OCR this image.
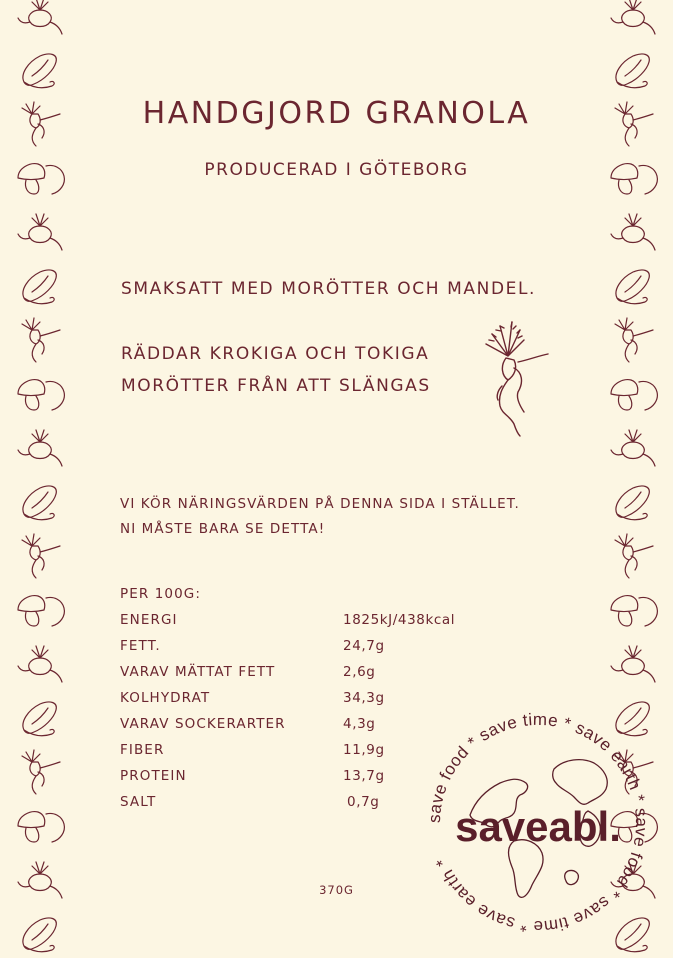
HANDGJORD GRANOLA
PRODUCERAD I GÖTEBORG
SMAKSATT MED MORÖTTER OCH MANDEL.
RÄDDAR KROKIGA OCH TOKIGA
MORÖTTER FRÅN ATT SLÄNGAS
VI KÖR NÄRINGSVÄRDEN PÅ DENNA SIDA I STÄLLET.
NI MÅSTE BARA SE DETTA!
PER 100G:
ENERGI	1825kJ/438kcal
FETT.	24,7g
VARAV MÄTTAT FETT	2,6g
KOLHYDRAT	34,3g
VARAV SOCKERARTER	4,3g
FIBER	11,9g
PROTEIN	13,7g
SALT	0,7g
370G
save food * save time * save earth * save food * save time * save earth *
saveabl.
